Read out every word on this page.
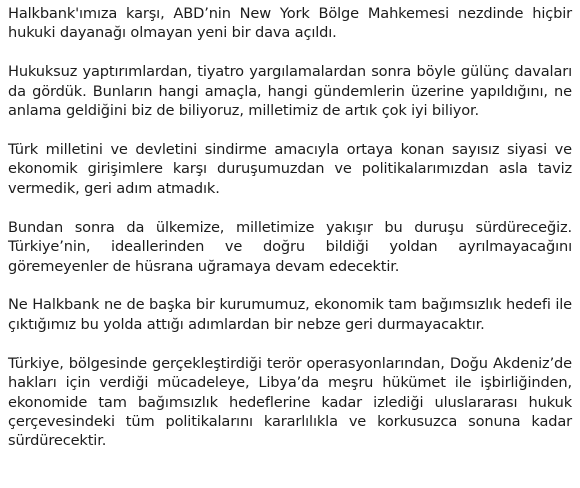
Halkbank'ımıza karşı, ABD’nin New York Bölge Mahkemesi nezdinde hiçbir hukuki dayanağı olmayan yeni bir dava açıldı.

Hukuksuz yaptırımlardan, tiyatro yargılamalardan sonra böyle gülünç davaları da gördük. Bunların hangi amaçla, hangi gündemlerin üzerine yapıldığını, ne anlama geldiğini biz de biliyoruz, milletimiz de artık çok iyi biliyor.

Türk milletini ve devletini sindirme amacıyla ortaya konan sayısız siyasi ve ekonomik girişimlere karşı duruşumuzdan ve politikalarımızdan asla taviz vermedik, geri adım atmadık.

Bundan sonra da ülkemize, milletimize yakışır bu duruşu sürdüreceğiz. Türkiye’nin, ideallerinden ve doğru bildiği yoldan ayrılmayacağını göremeyenler de hüsrana uğramaya devam edecektir.

Ne Halkbank ne de başka bir kurumumuz, ekonomik tam bağımsızlık hedefi ile çıktığımız bu yolda attığı adımlardan bir nebze geri durmayacaktır.

Türkiye, bölgesinde gerçekleştirdiği terör operasyonlarından, Doğu Akdeniz’de hakları için verdiği mücadeleye, Libya’da meşru hükümet ile işbirliğinden, ekonomide tam bağımsızlık hedeflerine kadar izlediği uluslararası hukuk çerçevesindeki tüm politikalarını kararlılıkla ve korkusuzca sonuna kadar sürdürecektir.
